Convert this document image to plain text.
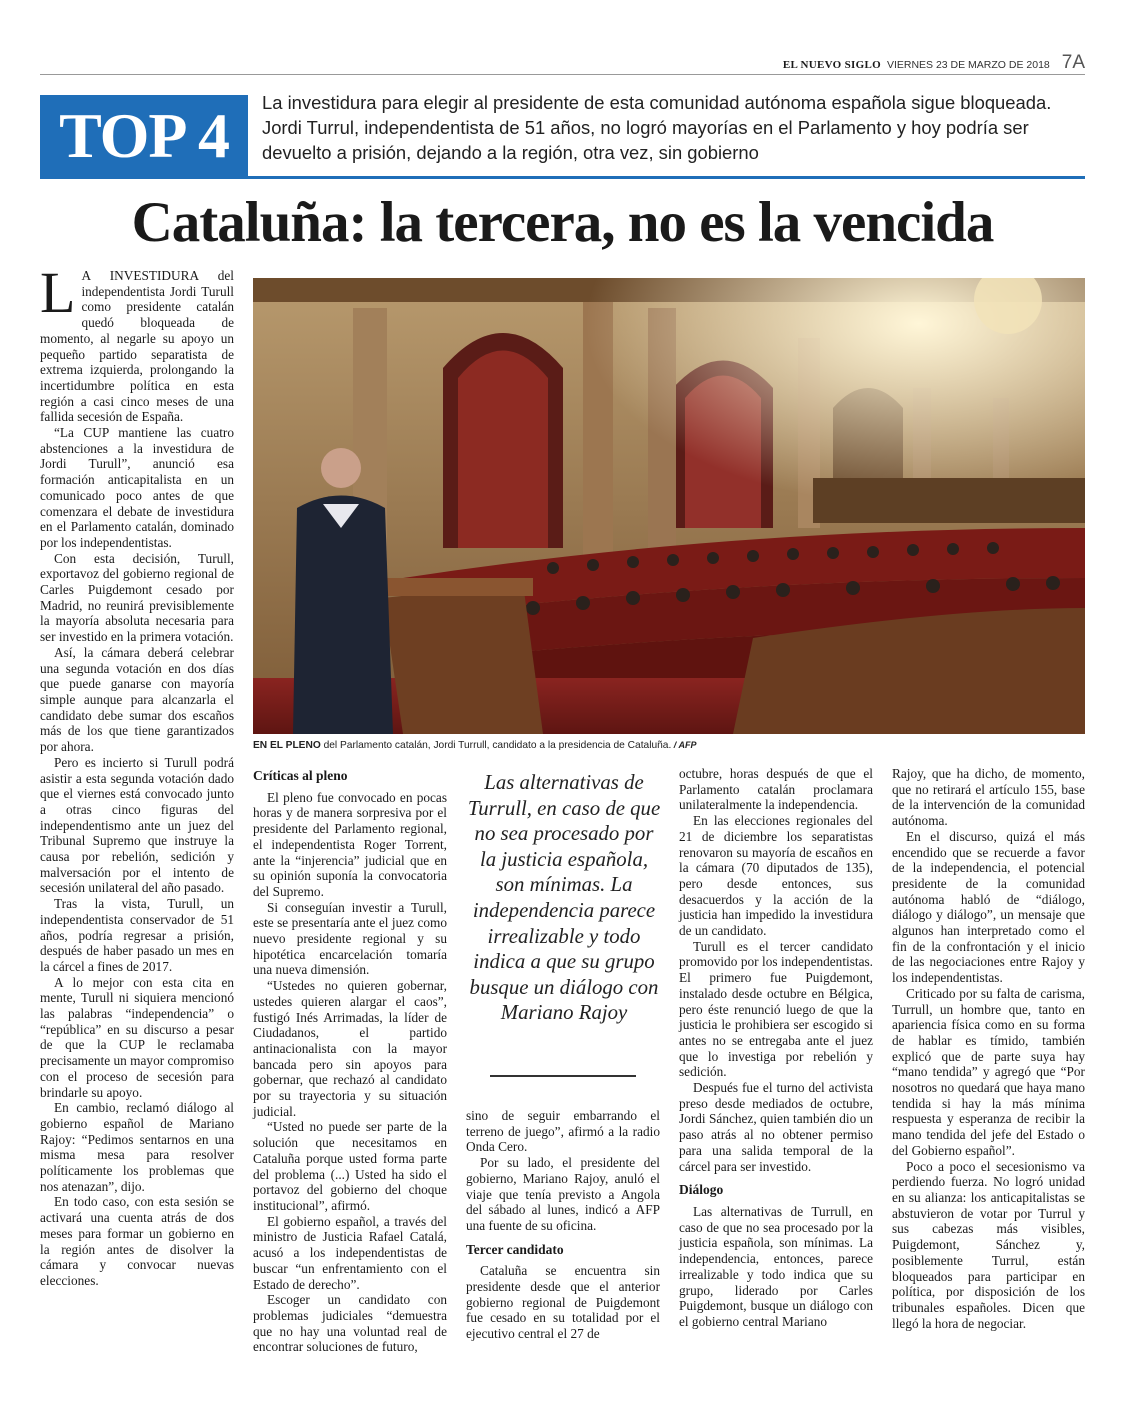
EL NUEVO SIGLO VIERNES 23 DE MARZO DE 2018 7A
TOP 4	La investidura para elegir al presidente de esta comunidad autónoma española sigue bloqueada. Jordi Turrul, independentista de 51 años, no logró mayorías en el Parlamento y hoy podría ser devuelto a prisión, dejando a la región, otra vez, sin gobierno
Cataluña: la tercera, no es la vencida

L A INVESTIDURA del independentista Jordi Turull como presidente catalán quedó bloqueada de momento, al negarle su apoyo un pequeño partido separatista de extrema izquierda, prolongando la incertidumbre política en esta región a casi cinco meses de una fallida secesión de España.

“La CUP mantiene las cuatro abstenciones a la investidura de Jordi Turull”, anunció esa formación anticapitalista en un comunicado poco antes de que comenzara el debate de investidura en el Parlamento catalán, dominado por los independentistas.

Con esta decisión, Turull, exportavoz del gobierno regional de Carles Puigdemont cesado por Madrid, no reunirá previsiblemente la mayoría absoluta necesaria para ser investido en la primera votación.

Así, la cámara deberá celebrar una segunda votación en dos días que puede ganarse con mayoría simple aunque para alcanzarla el candidato debe sumar dos escaños más de los que tiene garantizados por ahora.

Pero es incierto si Turull podrá asistir a esta segunda votación dado que el viernes está convocado junto a otras cinco figuras del independentismo ante un juez del Tribunal Supremo que instruye la causa por rebelión, sedición y malversación por el intento de secesión unilateral del año pasado.

Tras la vista, Turull, un independentista conservador de 51 años, podría regresar a prisión, después de haber pasado un mes en la cárcel a fines de 2017.

A lo mejor con esta cita en mente, Turull ni siquiera mencionó las palabras “independencia” o “república” en su discurso a pesar de que la CUP le reclamaba precisamente un mayor compromiso con el proceso de secesión para brindarle su apoyo.

En cambio, reclamó diálogo al gobierno español de Mariano Rajoy: “Pedimos sentarnos en una misma mesa para resolver políticamente los problemas que nos atenazan”, dijo.

En todo caso, con esta sesión se activará una cuenta atrás de dos meses para formar un gobierno en la región antes de disolver la cámara y convocar nuevas elecciones.

EN EL PLENO del Parlamento catalán, Jordi Turrull, candidato a la presidencia de Cataluña. / AFP
Críticas al pleno

El pleno fue convocado en pocas horas y de manera sorpresiva por el presidente del Parlamento regional, el independentista Roger Torrent, ante la “injerencia” judicial que en su opinión suponía la convocatoria del Supremo.

Si conseguían investir a Turull, este se presentaría ante el juez como nuevo presidente regional y su hipotética encarcelación tomaría una nueva dimensión.

“Ustedes no quieren gobernar, ustedes quieren alargar el caos”, fustigó Inés Arrimadas, la líder de Ciudadanos, el partido antinacionalista con la mayor bancada pero sin apoyos para gobernar, que rechazó al candidato por su trayectoria y su situación judicial.

“Usted no puede ser parte de la solución que necesitamos en Cataluña porque usted forma parte del problema (...) Usted ha sido el portavoz del gobierno del choque institucional”, afirmó.

El gobierno español, a través del ministro de Justicia Rafael Catalá, acusó a los independentistas de buscar “un enfrentamiento con el Estado de derecho”.

Escoger un candidato con problemas judiciales “demuestra que no hay una voluntad real de encontrar soluciones de futuro,

Las alternativas de Turrull, en caso de que no sea procesado por la justicia española, son mínimas. La independencia parece irrealizable y todo indica a que su grupo busque un diálogo con Mariano Rajoy

sino de seguir embarrando el terreno de juego”, afirmó a la radio Onda Cero.

Por su lado, el presidente del gobierno, Mariano Rajoy, anuló el viaje que tenía previsto a Angola del sábado al lunes, indicó a AFP una fuente de su oficina.

Tercer candidato

Cataluña se encuentra sin presidente desde que el anterior gobierno regional de Puigdemont fue cesado en su totalidad por el ejecutivo central el 27 de

octubre, horas después de que el Parlamento catalán proclamara unilateralmente la independencia.

En las elecciones regionales del 21 de diciembre los separatistas renovaron su mayoría de escaños en la cámara (70 diputados de 135), pero desde entonces, sus desacuerdos y la acción de la justicia han impedido la investidura de un candidato.

Turull es el tercer candidato promovido por los independentistas. El primero fue Puigdemont, instalado desde octubre en Bélgica, pero éste renunció luego de que la justicia le prohibiera ser escogido si antes no se entregaba ante el juez que lo investiga por rebelión y sedición.

Después fue el turno del activista preso desde mediados de octubre, Jordi Sánchez, quien también dio un paso atrás al no obtener permiso para una salida temporal de la cárcel para ser investido.

Diálogo

Las alternativas de Turrull, en caso de que no sea procesado por la justicia española, son mínimas. La independencia, entonces, parece irrealizable y todo indica que su grupo, liderado por Carles Puigdemont, busque un diálogo con el gobierno central Mariano

Rajoy, que ha dicho, de momento, que no retirará el artículo 155, base de la intervención de la comunidad autónoma.

En el discurso, quizá el más encendido que se recuerde a favor de la independencia, el potencial presidente de la comunidad autónoma habló de “diálogo, diálogo y diálogo”, un mensaje que algunos han interpretado como el fin de la confrontación y el inicio de las negociaciones entre Rajoy y los independentistas.

Criticado por su falta de carisma, Turrull, un hombre que, tanto en apariencia física como en su forma de hablar es tímido, también explicó que de parte suya hay “mano tendida” y agregó que “Por nosotros no quedará que haya mano tendida si hay la más mínima respuesta y esperanza de recibir la mano tendida del jefe del Estado o del Gobierno español”.

Poco a poco el secesionismo va perdiendo fuerza. No logró unidad en su alianza: los anticapitalistas se abstuvieron de votar por Turrul y sus cabezas más visibles, Puigdemont, Sánchez y, posiblemente Turrul, están bloqueados para participar en política, por disposición de los tribunales españoles. Dicen que llegó la hora de negociar.
